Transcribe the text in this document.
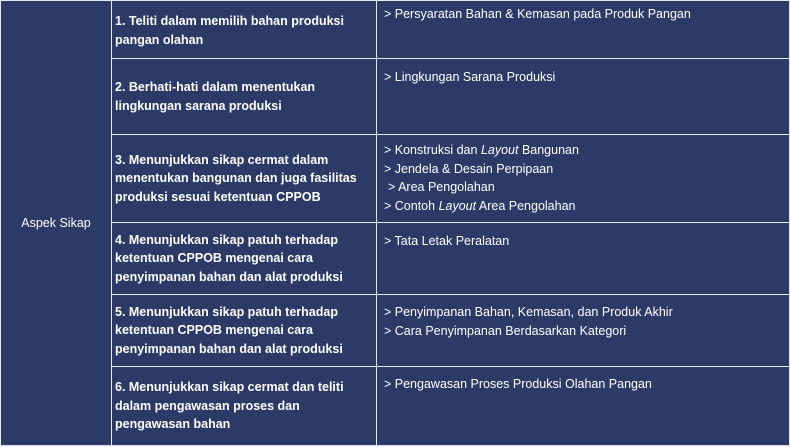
Aspek Sikap
1. Teliti dalam memilih bahan produksi pangan olahan
> Persyaratan Bahan & Kemasan pada Produk Pangan
2. Berhati-hati dalam menentukan lingkungan sarana produksi
> Lingkungan Sarana Produksi
3. Menunjukkan sikap cermat dalam menentukan bangunan dan juga fasilitas produksi sesuai ketentuan CPPOB
> Konstruksi dan Layout Bangunan
> Jendela & Desain Perpipaan
> Area Pengolahan
> Contoh Layout Area Pengolahan
4. Menunjukkan sikap patuh terhadap ketentuan CPPOB mengenai cara penyimpanan bahan dan alat produksi
> Tata Letak Peralatan
5. Menunjukkan sikap patuh terhadap ketentuan CPPOB mengenai cara penyimpanan bahan dan alat produksi
> Penyimpanan Bahan, Kemasan, dan Produk Akhir
> Cara Penyimpanan Berdasarkan Kategori
6. Menunjukkan sikap cermat dan teliti dalam pengawasan proses dan pengawasan bahan
> Pengawasan Proses Produksi Olahan Pangan
